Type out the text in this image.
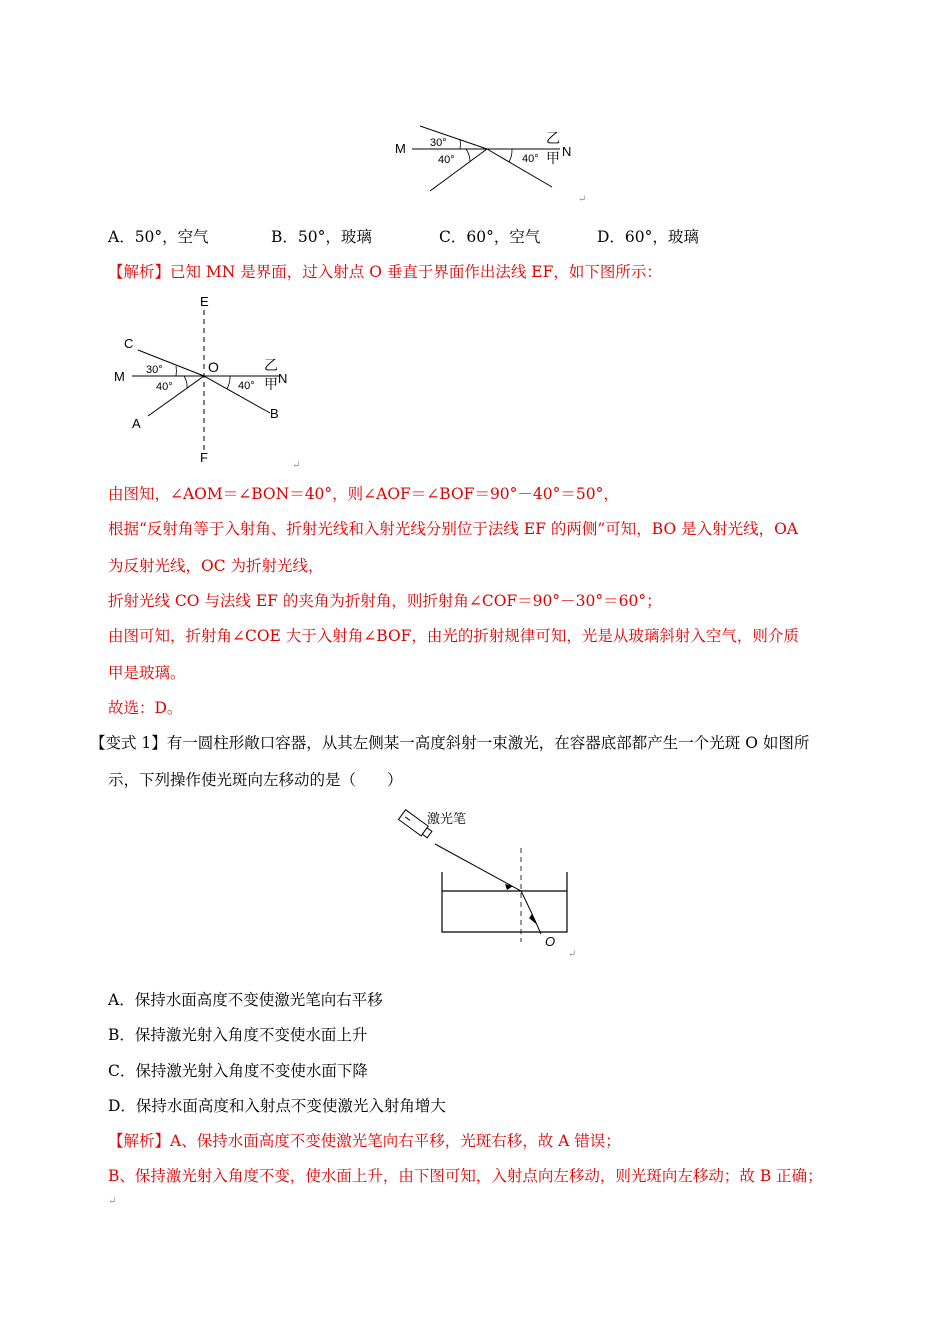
M 30°
40°	40°
乙
甲 N
↵
A．50°，空气	B．50°，玻璃	C．60°，空气	D．60°，玻璃
【解析】已知 MN 是界面，过入射点 O 垂直于界面作出法线 EF，如下图所示：
E
F
C
A
B
O
M	N
30°
40°	40°
乙
甲
↵
由图知，∠AOM＝∠BON＝40°，则∠AOF＝∠BOF＝90°－40°＝50°，
根据“反射角等于入射角、折射光线和入射光线分别位于法线 EF 的两侧”可知，BO 是入射光线，OA
为反射光线，OC 为折射光线，
折射光线 CO 与法线 EF 的夹角为折射角，则折射角∠COF＝90°－30°＝60°；
由图可知，折射角∠COE 大于入射角∠BOF，由光的折射规律可知，光是从玻璃斜射入空气，则介质
甲是玻璃。
故选：D。
【变式 1】有一圆柱形敞口容器，从其左侧某一高度斜射一束激光，在容器底部都产生一个光斑 O 如图所
示，下列操作使光斑向左移动的是（　　）
激光笔
O
↵
A．保持水面高度不变使激光笔向右平移
B．保持激光射入角度不变使水面上升
C．保持激光射入角度不变使水面下降
D．保持水面高度和入射点不变使激光入射角增大
【解析】A、保持水面高度不变使激光笔向右平移，光斑右移，故 A 错误；
B、保持激光射入角度不变，使水面上升，由下图可知，入射点向左移动，则光斑向左移动；故 B 正确；
↵
